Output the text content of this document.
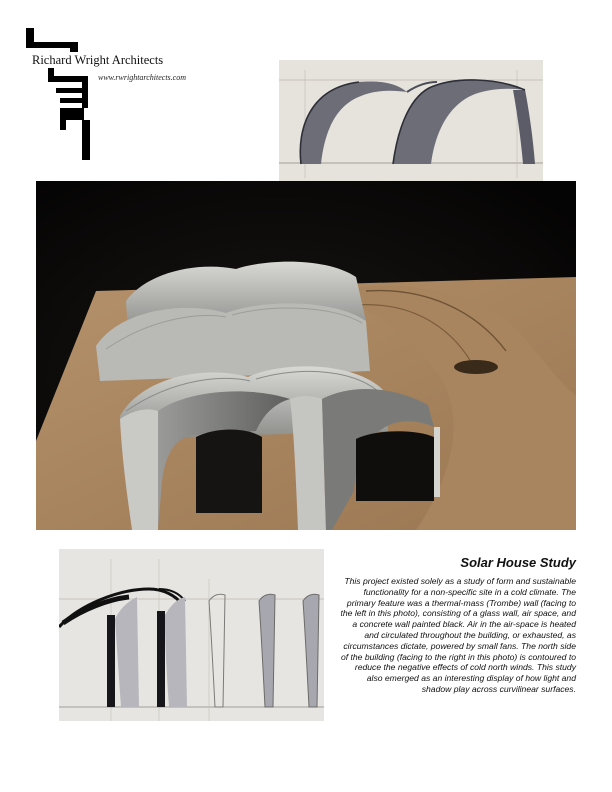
Richard Wright Architects
www.rwrightarchitects.com
Solar House Study

This project existed solely as a study of form and sustainable functionality for a non-specific site in a cold climate. The primary feature was a thermal-mass (Trombe) wall (facing to the left in this photo), consisting of a glass wall, air space, and a concrete wall painted black. Air in the air-space is heated and circulated throughout the building, or exhausted, as circumstances dictate, powered by small fans. The north side of the building (facing to the right in this photo) is contoured to reduce the negative effects of cold north winds. This study also emerged as an interesting display of how light and shadow play across curvilinear surfaces.
